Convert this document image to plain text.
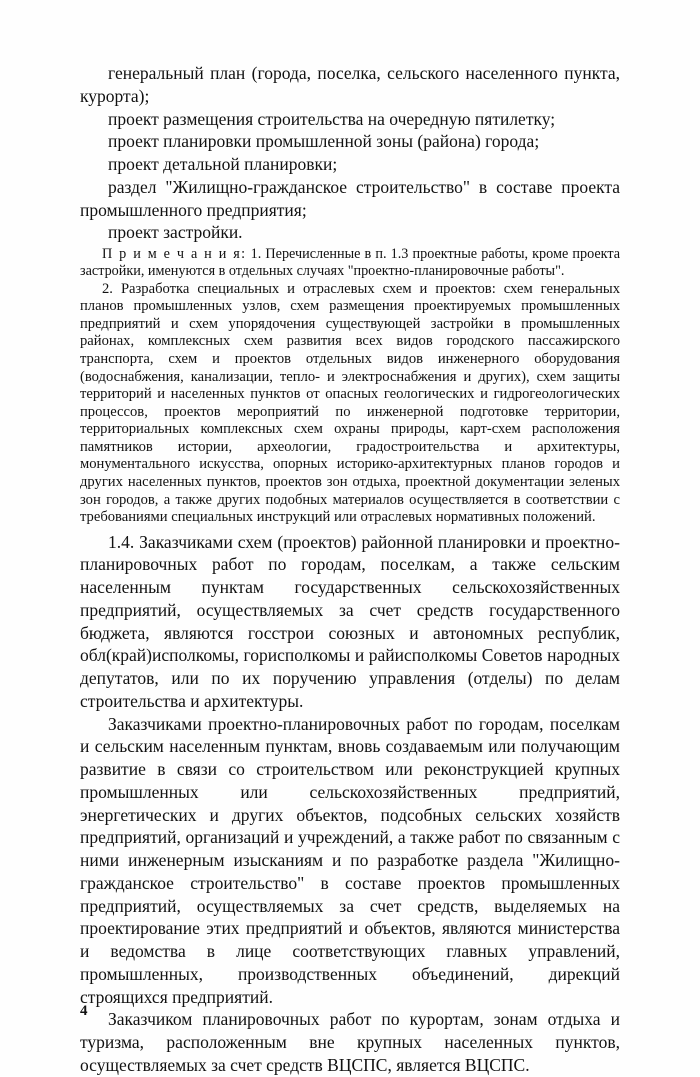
генеральный план (города, поселка, сельского населенного пункта, курорта);

проект размещения строительства на очередную пятилетку;

проект планировки промышленной зоны (района) города;

проект детальной планировки;

раздел "Жилищно-гражданское строительство" в составе проекта промышленного предприятия;

проект застройки.

П р и м е ч а н и я: 1. Перечисленные в п. 1.3 проектные работы, кроме проекта застройки, именуются в отдельных случаях "проектно-планировочные работы".

2. Разработка специальных и отраслевых схем и проектов: схем генеральных планов промышленных узлов, схем размещения проектируемых промышленных предприятий и схем упорядочения существующей застройки в промышленных районах, комплексных схем развития всех видов городского пассажирского транспорта, схем и проектов отдельных видов инженерного оборудования (водоснабжения, канализации, тепло- и электроснабжения и других), схем защиты территорий и населенных пунктов от опасных геологических и гидрогеологических процессов, проектов мероприятий по инженерной подготовке территории, территориальных комплексных схем охраны природы, карт-схем расположения памятников истории, археологии, градостроительства и архитектуры, монументального искусства, опорных историко-архитектурных планов городов и других населенных пунктов, проектов зон отдыха, проектной документации зеленых зон городов, а также других подобных материалов осуществляется в соответствии с требованиями специальных инструкций или отраслевых нормативных положений.

1.4. Заказчиками схем (проектов) районной планировки и проектно-планировочных работ по городам, поселкам, а также сельским населенным пунктам государственных сельскохозяйственных предприятий, осуществляемых за счет средств государственного бюджета, являются госстрои союзных и автономных республик, обл(край)исполкомы, горисполкомы и райисполкомы Советов народных депутатов, или по их поручению управления (отделы) по делам строительства и архитектуры.

Заказчиками проектно-планировочных работ по городам, поселкам и сельским населенным пунктам, вновь создаваемым или получающим развитие в связи со строительством или реконструкцией крупных промышленных или сельскохозяйственных предприятий, энергетических и других объектов, подсобных сельских хозяйств предприятий, организаций и учреждений, а также работ по связанным с ними инженерным изысканиям и по разработке раздела "Жилищно-гражданское строительство" в составе проектов промышленных предприятий, осуществляемых за счет средств, выделяемых на проектирование этих предприятий и объектов, являются министерства и ведомства в лице соответствующих главных управлений, промышленных, производственных объединений, дирекций строящихся предприятий.

Заказчиком планировочных работ по курортам, зонам отдыха и туризма, расположенным вне крупных населенных пунктов, осуществляемых за счет средств ВЦСПС, является ВЦСПС.

4
